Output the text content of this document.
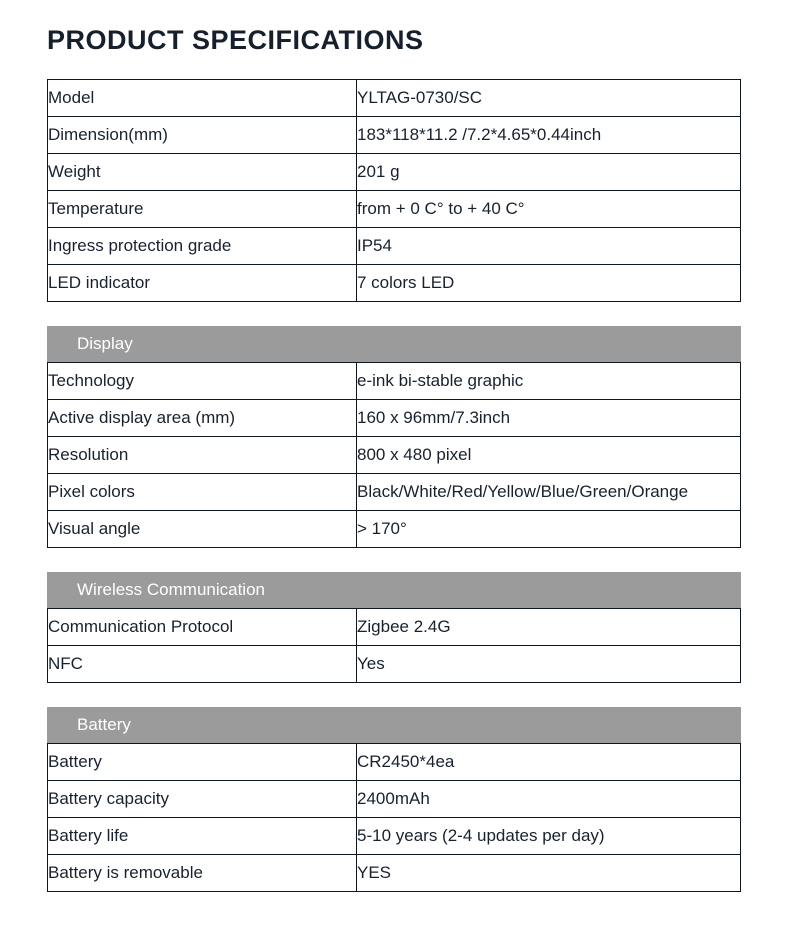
PRODUCT SPECIFICATIONS
Model	YLTAG-0730/SC
Dimension(mm)	183*118*11.2 /7.2*4.65*0.44inch
Weight	201 g
Temperature	from + 0 C° to + 40 C°
Ingress protection grade	IP54
LED indicator	7 colors LED
Display
Technology	e-ink bi-stable graphic
Active display area (mm)	160 x 96mm/7.3inch
Resolution	800 x 480 pixel
Pixel colors	Black/White/Red/Yellow/Blue/Green/Orange
Visual angle	> 170°
Wireless Communication
Communication Protocol	Zigbee 2.4G
NFC	Yes
Battery
Battery	CR2450*4ea
Battery capacity	2400mAh
Battery life	5-10 years (2-4 updates per day)
Battery is removable	YES
